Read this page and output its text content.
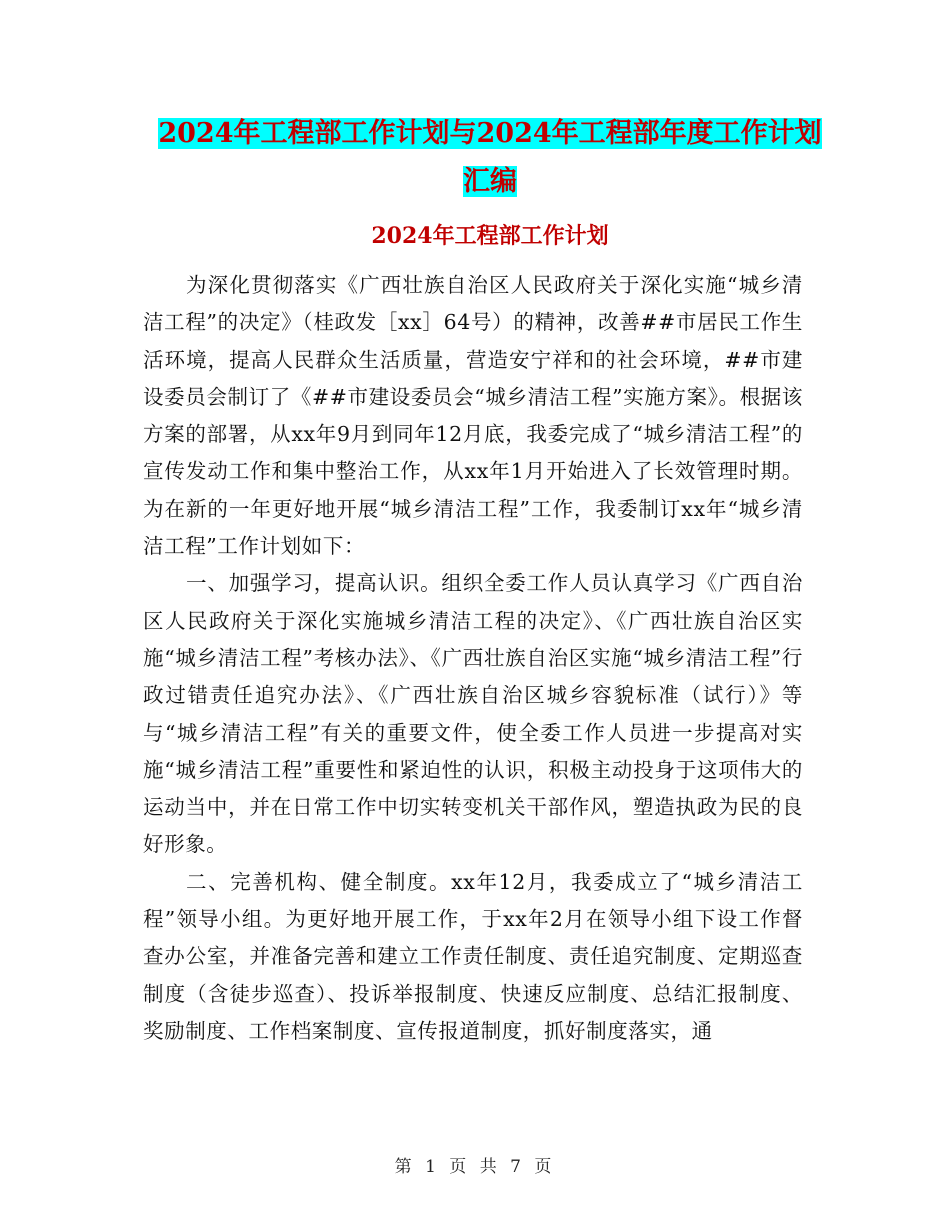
2024年工程部工作计划与2024年工程部年度工作计划
汇编
2024年工程部工作计划

为深化贯彻落实《广西壮族自治区人民政府关于深化实施“城乡清洁工程”的决定》（桂政发［xx］64号）的精神，改善##市居民工作生活环境，提高人民群众生活质量，营造安宁祥和的社会环境，##市建设委员会制订了《##市建设委员会“城乡清洁工程”实施方案》。根据该方案的部署，从xx年9月到同年12月底，我委完成了“城乡清洁工程”的宣传发动工作和集中整治工作，从xx年1月开始进入了长效管理时期。为在新的一年更好地开展“城乡清洁工程”工作，我委制订xx年“城乡清洁工程”工作计划如下：

一、加强学习，提高认识。组织全委工作人员认真学习《广西自治区人民政府关于深化实施城乡清洁工程的决定》、《广西壮族自治区实施“城乡清洁工程”考核办法》、《广西壮族自治区实施“城乡清洁工程”行政过错责任追究办法》、《广西壮族自治区城乡容貌标准（试行）》等与“城乡清洁工程”有关的重要文件，使全委工作人员进一步提高对实施“城乡清洁工程”重要性和紧迫性的认识，积极主动投身于这项伟大的运动当中，并在日常工作中切实转变机关干部作风，塑造执政为民的良好形象。

二、完善机构、健全制度。xx年12月，我委成立了“城乡清洁工程”领导小组。为更好地开展工作，于xx年2月在领导小组下设工作督查办公室，并准备完善和建立工作责任制度、责任追究制度、定期巡查制度（含徒步巡查）、投诉举报制度、快速反应制度、总结汇报制度、奖励制度、工作档案制度、宣传报道制度，抓好制度落实，通

第 1 页 共 7 页
